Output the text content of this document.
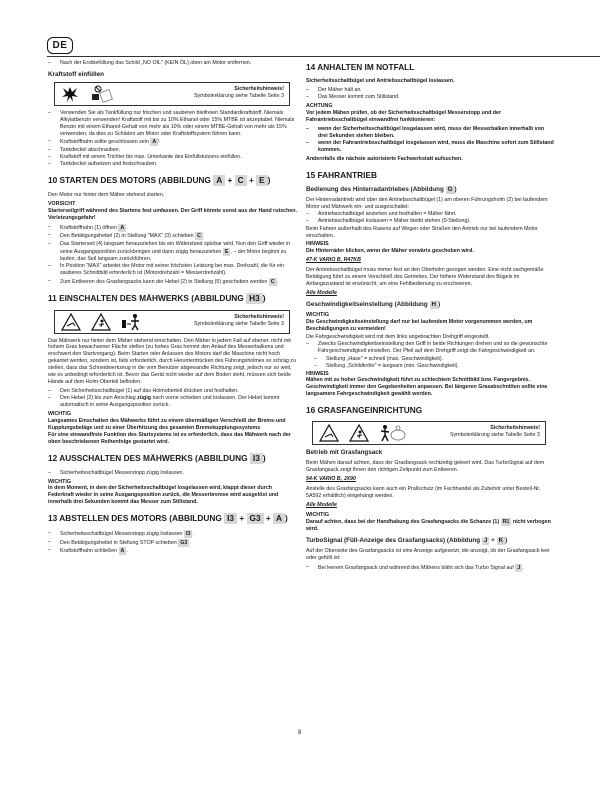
DE
– Nach der Erstbefüllung das Schild „NO OIL" (KEIN ÖL) oben am Motor entfernen.
Kraftstoff einfüllen
Sicherheitshinweis!
Symbolerklärung siehe Tabelle Seite 3
– Verwenden Sie als Tankfüllung nur frischen und sauberen bleifreien Standardkraftstoff. Niemals Alkylatbenzin verwenden! Kraftstoff mit bis zu 10% Ethanol oder 15% MTBE ist akzeptabel. Niemals Benzin mit einem Ethanol-Gehalt von mehr als 10% oder einem MTBE-Gehalt von mehr als 15% verwenden, da dies zu Schäden am Motor oder Kraftstoffsystem führen kann.
– Kraftstoffhahn sollte geschlossen sein A !
– Tankdeckel abschrauben.
– Kraftstoff mit einem Trichter bis max. Unterkante des Einfüllstutzens einfüllen.
– Tankdeckel aufsetzen und festschrauben.
10 STARTEN DES MOTORS (ABBILDUNG A + C + E )

Den Motor nur hinter dem Mäher stehend starten.

VORSICHT

Starterseilgriff während des Startens fest umfassen. Der Griff könnte sonst aus der Hand rutschen. Verletzungsgefahr!

– Kraftstoffhahn (1) öffnen A .
– Den Betätigungshebel (2) in Stellung "MAX" (3) schieben C .
– Das Starterseil (4) langsam herausziehen bis ein Widerstand spürbar wird. Nun den Griff wieder in seine Ausgangsposition zurückbringen und dann zügig herausziehen E , – der Motor beginnt zu laufen, das Seil langsam zurückführen.
– In Position "MAX" arbeitet der Motor mit seiner höchsten Leistung bei max. Drehzahl, die für ein sauberes Schnittbild erforderlich ist (Motordrehzahl = Messerdrehzahl).
– Zum Entleeren des Grasfangsacks kann der Hebel (2) in Stellung (5) geschoben werden C .
11 EINSCHALTEN DES MÄHWERKS (ABBILDUNG H3 )
Sicherheitshinweis!
Symbolerklärung siehe Tabelle Seite 3

Das Mähwerk nur hinter dem Mäher stehend einschalten. Den Mäher in jedem Fall auf ebener, nicht mit hohem Gras bewachsener Fläche stellen (zu hohes Gras hemmt den Anlauf des Messerbalkens und erschwert den Startvorgang). Beim Starten oder Anlassen des Motors darf die Maschine nicht hoch gekantet werden, sondern ist, falls erforderlich, durch Herunterdrücken des Führungsholmes so schräg zu stellen, dass das Schneidwerkzeug in die vom Benutzer abgewandte Richtung zeigt, jedoch nur so weit, wie es unbedingt erforderlich ist. Bevor das Gerät nicht wieder auf dem Boden steht, müssen sich beide Hände auf dem Holm-Oberteil befinden.

– Den Sicherheitsschaltbügel (1) auf das Holmoberteil drücken und festhalten.
– Den Hebel (2) bis zum Anschlag zügig nach vorne schieben und loslassen. Der Hebel kommt automatisch in seine Ausgangsposition zurück.
WICHTIG

Langsames Einschalten des Mähwerks führt zu einem übermäßigen Verschleiß der Brems-und Kupplungsbeläge und zu einer Überhitzung des gesamten Bremskupplungssystems

Für eine einwandfreie Funktion des Startsystems ist es erforderlich, dass das Mähwerk nach der oben beschriebenen Reihenfolge gestartet wird.

12 AUSSCHALTEN DES MÄHWERKS (ABBILDUNG I3 )
– Sicherheitsschaltbügel Messerstopp zügig loslassen.
WICHTIG

In dem Moment, in dem der Sicherheitsschaltbügel losgelassen wird, klappt dieser durch Federkraft wieder in seine Ausgangsposition zurück, die Messerbremse wird ausgelöst und innerhalb drei Sekunden kommt das Messer zum Stillstand.

13 ABSTELLEN DES MOTORS (ABBILDUNG I3 + G3 + A )
– Sicherheitsschaltbügel Messerstopp zügig loslassen I3 .
– Den Betätigungshebel in Stellung STOP schieben G3 .
– Kraftstoffhahn schließen A .
14 ANHALTEN IM NOTFALL

Sicherheitsschaltbügel und Antriebsschaltbügel loslassen.

– Der Mäher hält an.
– Das Messer kommt zum Stillstand.
ACHTUNG

Vor jedem Mähen prüfen, ob der Sicherheitsschaltbügel Messerstopp und der Fahrantriebsschaltbügel einwandfrei funktionieren:

– wenn der Sicherheitsschaltbügel losgelassen wird, muss der Messerbalken innerhalb von drei Sekunden stehen bleiben.
– wenn der Fahrantriebsschaltbügel losgelassen wird, muss die Maschine sofort zum Stillstand kommen.

Andernfalls die nächste autorisierte Fachwerkstatt aufsuchen.

15 FAHRANTRIEB
Bedienung des Hinterradantriebes (Abbildung G )

Der Hinterradantrieb wird über den Antriebsschaltbügel (1) am oberen Führungsholm (2) bei laufendem Motor und Mähwerk ein- und ausgeschaltet:

– Antriebsschaltbügel anziehen und festhalten = Mäher fährt.
– Antriebsschaltbügel loslassen = Mäher bleibt stehen (0-Stellung).

Beim Fahren außerhalb des Rasens auf Wegen oder Straßen den Antrieb nur bei laufendem Motor einschalten.

HINWEIS

Die Hinterräder klicken, wenn der Mäher vorwärts geschoben wird.

47-K VARIO B, R47KB

Der Antriebsschaltbügel muss immer fest an den Oberholm gezogen werden. Eine nicht sachgemäße Betätigung führt zu einem Verschleiß des Getriebes. Der höhere Widerstand des Bügels im Anfangszustand ist erwünscht, um eine Fehlbedienung zu erschweren.

Alle Modelle
Geschwindigkeitseinstellung (Abbildung H )
WICHTIG

Die Geschwindigkeitseinstellung darf nur bei laufendem Motor vorgenommen werden, um Beschädigungen zu vermeiden!

Die Fahrgeschwindigkeit wird mit dem links angebrachten Drehgriff eingestellt.

– Zwecks Geschwindigkeitseinstellung den Griff in beide Richtungen drehen und so die gewünschte Fahrgeschwindigkeit einstellen. Der Pfeil auf dem Drehgriff zeigt die Fahrgeschwindigkeit an.
– Stellung „Hase" = schnell (max. Geschwindigkeit).
– Stellung „Schildkröte" = langsam (min. Geschwindigkeit).
HINWEIS

Mähen mit zu hoher Geschwindigkeit führt zu schlechtem Schnittbild bzw. Fangergebnis. Geschwindigkeit immer den Gegebenheiten anpassen. Bei längeren Grasabschnitten sollte eine langsamere Fahrgeschwindigkeit gewählt werden.

16 GRASFANGEINRICHTUNG
Sicherheitshinweis!
Symbolerklärung siehe Tabelle Seite 3
Betrieb mit Grasfangsack

Beim Mähen darauf achten, dass der Grasfangsack rechtzeitig geleert wird. Das TurboSignal auf dem Grasfangsack zeigt Ihnen den richtigen Zeitpunkt zum Entleeren.

54-K VARIO B, JX90

Anstelle des Grasfangsacks kann auch ein Prallschutz (im Fachhandel als Zubehör unter Bestell-Nr. 5A592 erhältlich) eingehängt werden.

Alle Modelle
WICHTIG

Darauf achten, dass bei der Handhabung des Grasfangsacks die Schanze (1) R1 nicht verbogen wird.

TurboSignal (Füll-Anzeige des Grasfangsacks) (Abbildung J + K )

Auf der Oberseite des Grasfangsacks ist eine Anzeige aufgesetzt, die anzeigt, ob der Grasfangsack leer oder gefüllt ist:

– Bei leerem Grasfangsack und während des Mähens bläht sich das Turbo Signal auf J .
8
